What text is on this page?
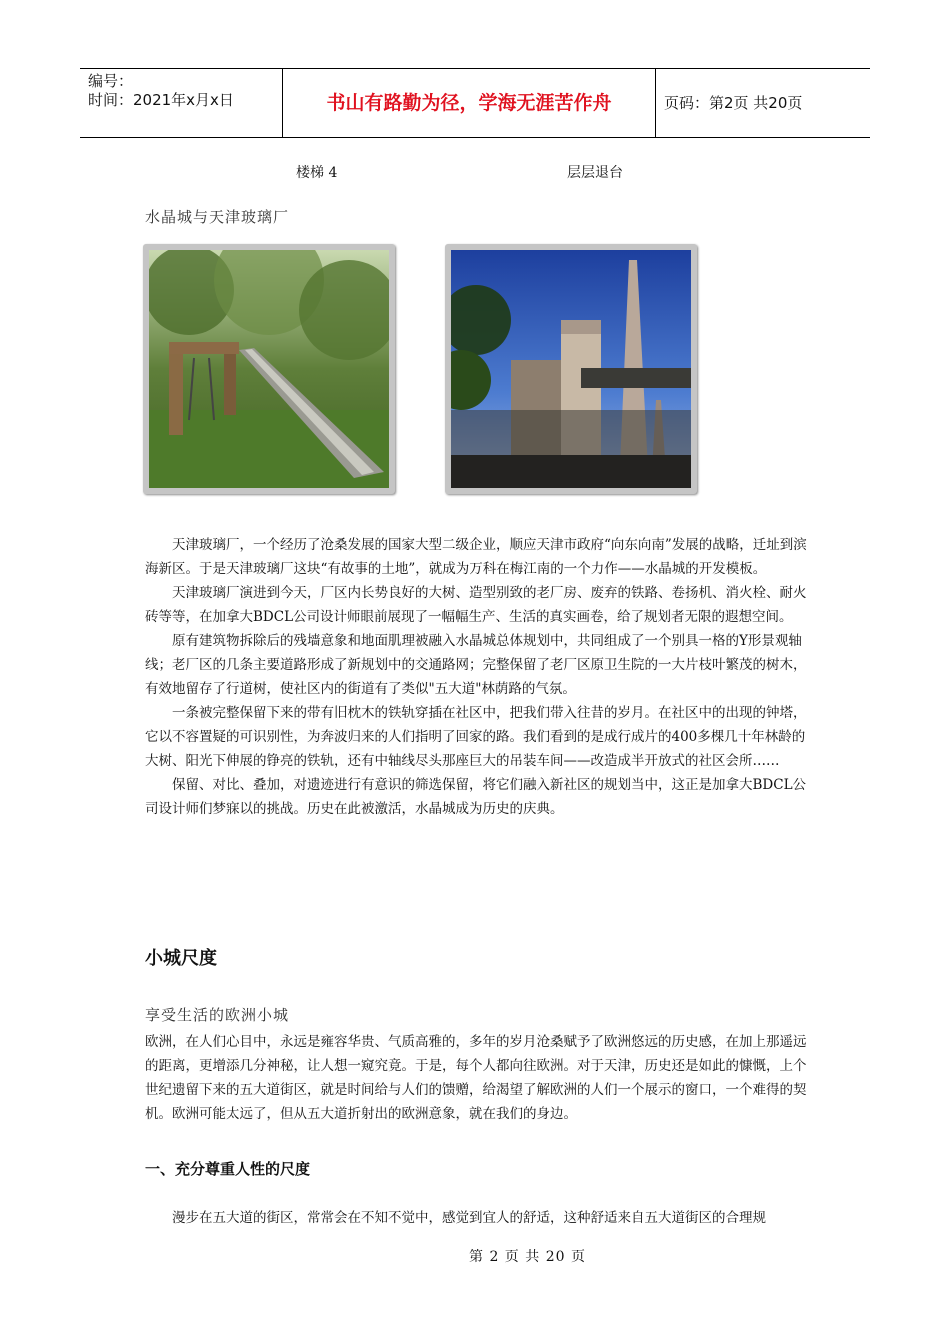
编号：
时间：2021年x月x日	书山有路勤为径，学海无涯苦作舟	页码：第2页 共20页
楼梯 4	层层退台
水晶城与天津玻璃厂

天津玻璃厂，一个经历了沧桑发展的国家大型二级企业，顺应天津市政府“向东向南”发展的战略，迁址到滨海新区。于是天津玻璃厂这块“有故事的土地”，就成为万科在梅江南的一个力作——水晶城的开发模板。

天津玻璃厂演进到今天，厂区内长势良好的大树、造型别致的老厂房、废弃的铁路、卷扬机、消火栓、耐火砖等等，在加拿大BDCL公司设计师眼前展现了一幅幅生产、生活的真实画卷，给了规划者无限的遐想空间。

原有建筑物拆除后的残墙意象和地面肌理被融入水晶城总体规划中，共同组成了一个别具一格的Y形景观轴线；老厂区的几条主要道路形成了新规划中的交通路网；完整保留了老厂区原卫生院的一大片枝叶繁茂的树木，有效地留存了行道树，使社区内的街道有了类似"五大道"林荫路的气氛。

一条被完整保留下来的带有旧枕木的铁轨穿插在社区中，把我们带入往昔的岁月。在社区中的出现的钟塔，它以不容置疑的可识别性，为奔波归来的人们指明了回家的路。我们看到的是成行成片的400多棵几十年林龄的大树、阳光下伸展的铮亮的铁轨，还有中轴线尽头那座巨大的吊装车间——改造成半开放式的社区会所……

保留、对比、叠加，对遗迹进行有意识的筛选保留，将它们融入新社区的规划当中，这正是加拿大BDCL公司设计师们梦寐以的挑战。历史在此被激活，水晶城成为历史的庆典。

小城尺度
享受生活的欧洲小城

欧洲，在人们心目中，永远是雍容华贵、气质高雅的，多年的岁月沧桑赋予了欧洲悠远的历史感，在加上那遥远的距离，更增添几分神秘，让人想一窥究竟。于是，每个人都向往欧洲。对于天津，历史还是如此的慷慨，上个世纪遗留下来的五大道街区，就是时间给与人们的馈赠，给渴望了解欧洲的人们一个展示的窗口，一个难得的契机。欧洲可能太远了，但从五大道折射出的欧洲意象，就在我们的身边。

一、充分尊重人性的尺度

漫步在五大道的街区，常常会在不知不觉中，感觉到宜人的舒适，这种舒适来自五大道街区的合理规

第 2 页 共 20 页
